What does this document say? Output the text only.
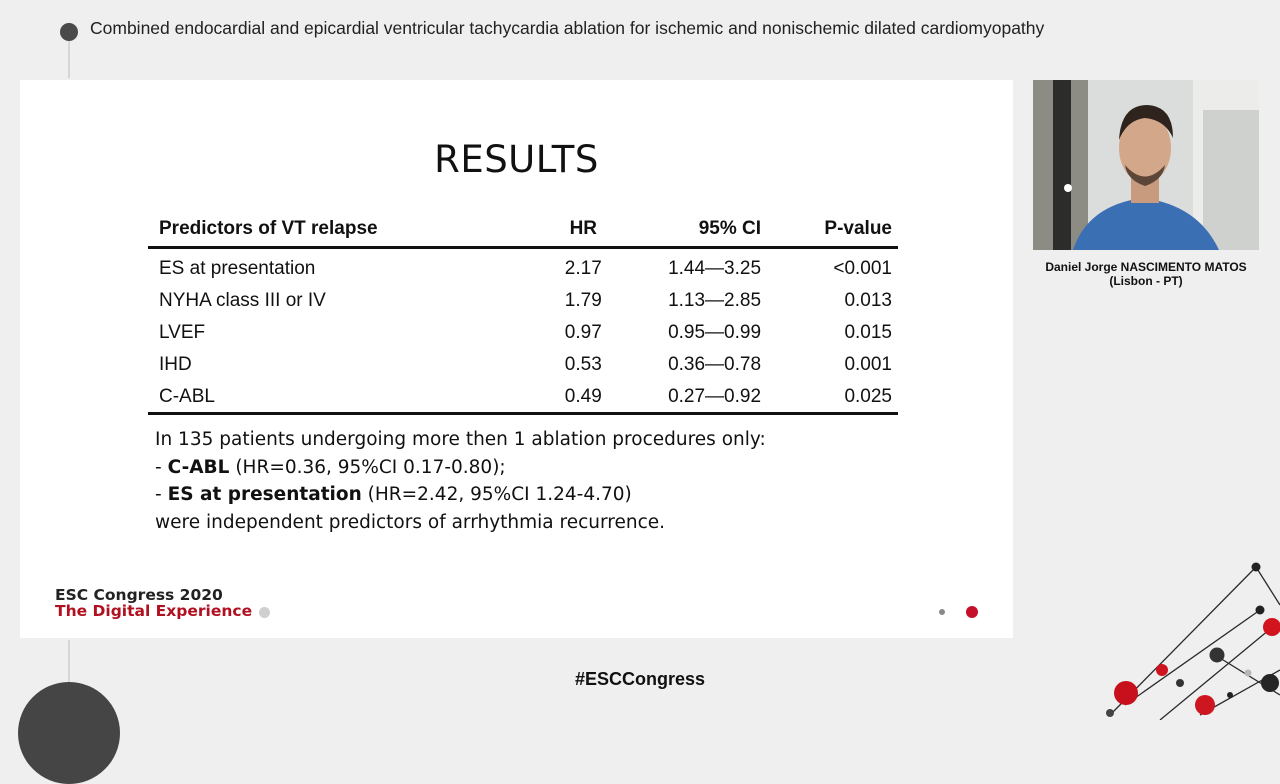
Combined endocardial and epicardial ventricular tachycardia ablation for ischemic and nonischemic dilated cardiomyopathy
RESULTS
Predictors of VT relapse	HR	95% CI	P-value
ES at presentation	2.17	1.44—3.25	<0.001
NYHA class III or IV	1.79	1.13—2.85	0.013
LVEF	0.97	0.95—0.99	0.015
IHD	0.53	0.36—0.78	0.001
C-ABL	0.49	0.27—0.92	0.025
In 135 patients undergoing more then 1 ablation procedures only:
- C-ABL (HR=0.36, 95%CI 0.17-0.80);
- ES at presentation (HR=2.42, 95%CI 1.24-4.70)
were independent predictors of arrhythmia recurrence.
ESC Congress 2020
The Digital Experience
Daniel Jorge NASCIMENTO MATOS
(Lisbon - PT)
#ESCCongress
